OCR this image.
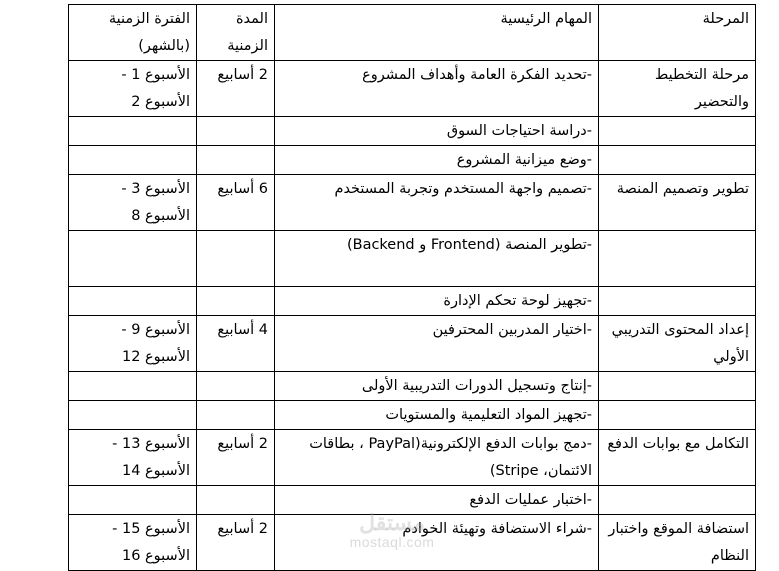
المرحلة	المهام الرئيسية	المدة الزمنية	الفترة الزمنية (بالشهر)
مرحلة التخطيط والتحضير	-تحديد الفكرة العامة وأهداف المشروع	2 أسابيع	الأسبوع 1 - الأسبوع 2
	-دراسة احتياجات السوق		
	-وضع ميزانية المشروع		
تطوير وتصميم المنصة	-تصميم واجهة المستخدم وتجربة المستخدم	6 أسابيع	الأسبوع 3 - الأسبوع 8
	-تطوير المنصة (Frontend و Backend)		
	-تجهيز لوحة تحكم الإدارة		
إعداد المحتوى التدريبي الأولي	-اختيار المدربين المحترفين	4 أسابيع	الأسبوع 9 - الأسبوع 12
	-إنتاج وتسجيل الدورات التدريبية الأولى		
	-تجهيز المواد التعليمية والمستويات		
التكامل مع بوابات الدفع	-دمج بوابات الدفع الإلكترونية(PayPal ، بطاقات الائتمان، Stripe)	2 أسابيع	الأسبوع 13 - الأسبوع 14
	-اختبار عمليات الدفع		
استضافة الموقع واختبار النظام	-شراء الاستضافة وتهيئة الخوادم	2 أسابيع	الأسبوع 15 - الأسبوع 16
مستقل
mostaql.com
